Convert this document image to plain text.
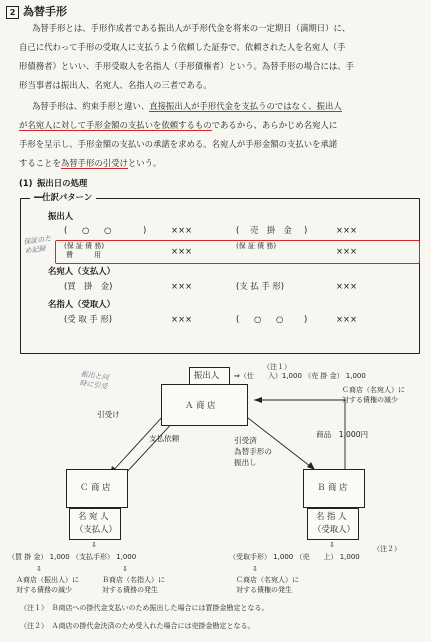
2 為替手形
為替手形とは、手形作成者である振出人が手形代金を将来の一定期日（満期日）に、
自己に代わって手形の受取人に支払うよう依頼した証券で、依頼された人を名宛人（手
形債務者）といい、手形受取人を名指人（手形債権者）という。為替手形の場合には、手
形当事者は振出人、名宛人、名指人の三者である。
為替手形は、約束手形と違い、直接振出人が手形代金を支払うのではなく、振出人
が名宛人に対して手形金額の支払いを依頼するものであるから、あらかじめ名宛人に
手形を呈示し、手形金額の支払いの承諾を求める。名宛人が手形金額の支払いを承諾
することを為替手形の引受けという。
(1) 振出日の処理
━━仕訳パターン
振出人
( ○ ○	)	×××	( 売　掛　金 )	×××
(保 証 債 務)
費　　　用	×××	(保 証 債 務)	×××
保証のため記録
名宛人（支払人）
(買　掛　金)	×××	(支 払 手 形)	×××
名指人（受取人）
(受 取 手 形)	×××	( ○ ○ )	×××
振出人
Ａ 商 店
（注１）
⇒（仕　　入）1,000 （売 掛 金） 1,000
Ｃ商店（名宛人）に
対する債権の減少
引受け
支払依頼	引受済
為替手形の
振出し
商品　1,000円
振出と同時に引受
Ｃ 商 店
名 宛 人
（支払人）
Ｂ 商 店
名 指 人
（受取人）
⇩	⇩
（買 掛 金） 1,000 （支払手形） 1,000
⇩	⇩
Ａ商店（振出人）に
対する債務の減少
Ｂ商店（名指人）に
対する債務の発生
（注２）
（受取手形） 1,000 （売　　上） 1,000
⇩
Ｃ商店（名宛人）に
対する債権の発生
（注１）　Ｂ商店への掛代金支払いのため振出した場合には買掛金勘定となる。
（注２）　Ａ商店の掛代金決済のため受入れた場合には売掛金勘定となる。
